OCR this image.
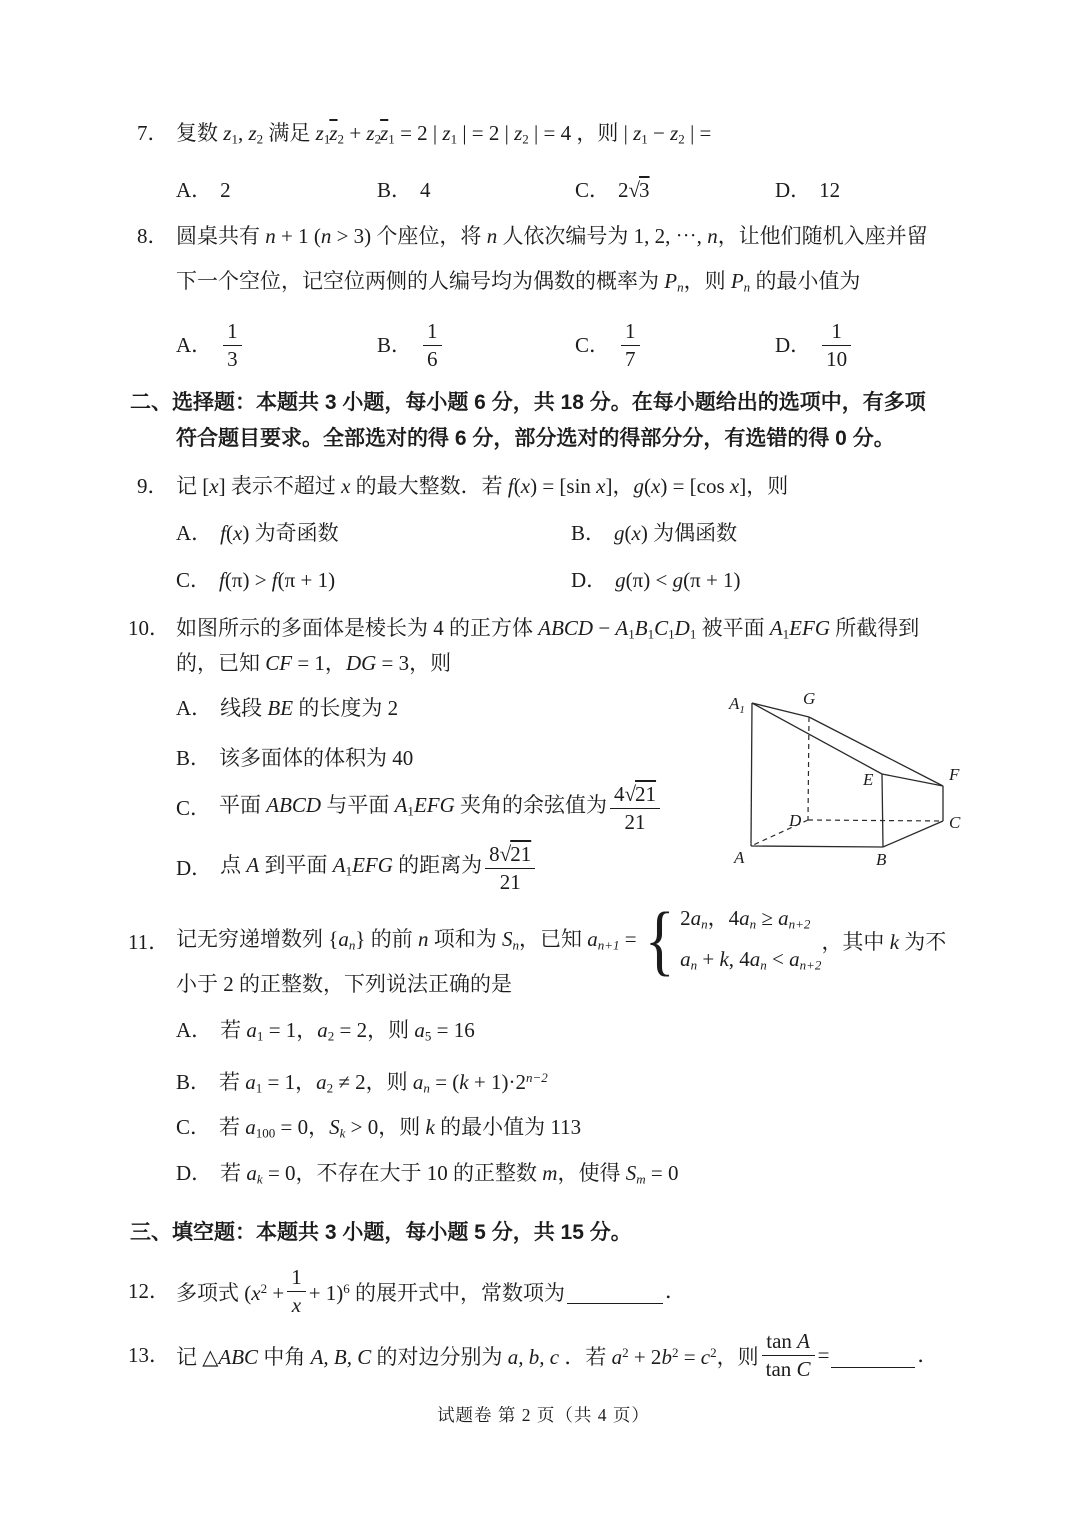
7． 复数 z1, z2 满足 $z1\overline{z}2 + z2\overline{z}1 = 2$ | z1 | = 2 | z2 | = 4 ，则 | z1 − z2 | =
A． 2	B． 4	C． 2√3	D． 12
8． 圆桌共有 n + 1 (n > 3) 个座位，将 n 人依次编号为 1, 2, ⋯, n，让他们随机入座并留
下一个空位，记空位两侧的人编号均为偶数的概率为 Pn，则 Pn 的最小值为
A． $\frac{1}{3}$	B． $\frac{1}{6}$	C． $\frac{1}{7}$	D． $\frac{1}{10}$
二、选择题：本题共 3 小题，每小题 6 分，共 18 分。在每小题给出的选项中，有多项
符合题目要求。全部选对的得 6 分，部分选对的得部分分，有选错的得 0 分。
9． 记 [x] 表示不超过 x 的最大整数．若 f(x) = [sin x]，g(x) = [cos x]，则
A． f(x) 为奇函数	B． g(x) 为偶函数
C． f(π) > f(π + 1)	D． g(π) < g(π + 1)
10． 如图所示的多面体是棱长为 4 的正方体 ABCD − A1B1C1D1 被平面 A1EFG 所截得到
的，已知 CF = 1，DG = 3，则
A． 线段 BE 的长度为 2
B． 该多面体的体积为 40
C． 平面 ABCD 与平面 A1EFG 夹角的余弦值为 $\frac{4√21}{21}$
D． 点 A 到平面 A1EFG 的距离为 $\frac{8√21}{21}$
$A_1$
G
E	F
D	C
A	B
11． 记无穷递增数列 {an} 的前 n 项和为 Sn，已知 an+1 = { 2an，4an ≥ an+2
an + k, 4an < an+2
，其中 k 为不
小于 2 的正整数，下列说法正确的是
A． 若 a1 = 1，a2 = 2，则 a5 = 16
B． 若 a1 = 1，a2 ≠ 2，则 an = $(k + 1)\cdot 2^{n-2}$
C． 若 a100 = 0，Sk > 0，则 k 的最小值为 113
D． 若 ak = 0，不存在大于 10 的正整数 m，使得 Sm = 0
三、填空题：本题共 3 小题，每小题 5 分，共 15 分。
12． 多项式 $(x^2 + \frac{1}{x} + 1)^6$ 的展开式中，常数项为	．
13． 记 △ABC 中角 A, B, C 的对边分别为 a, b, c ．若 $a^2 + 2b^2 = c^2$，则 $\frac{\text{tan A}}{\text{tan C}}$ =	．
试题卷 第 2 页（共 4 页）
